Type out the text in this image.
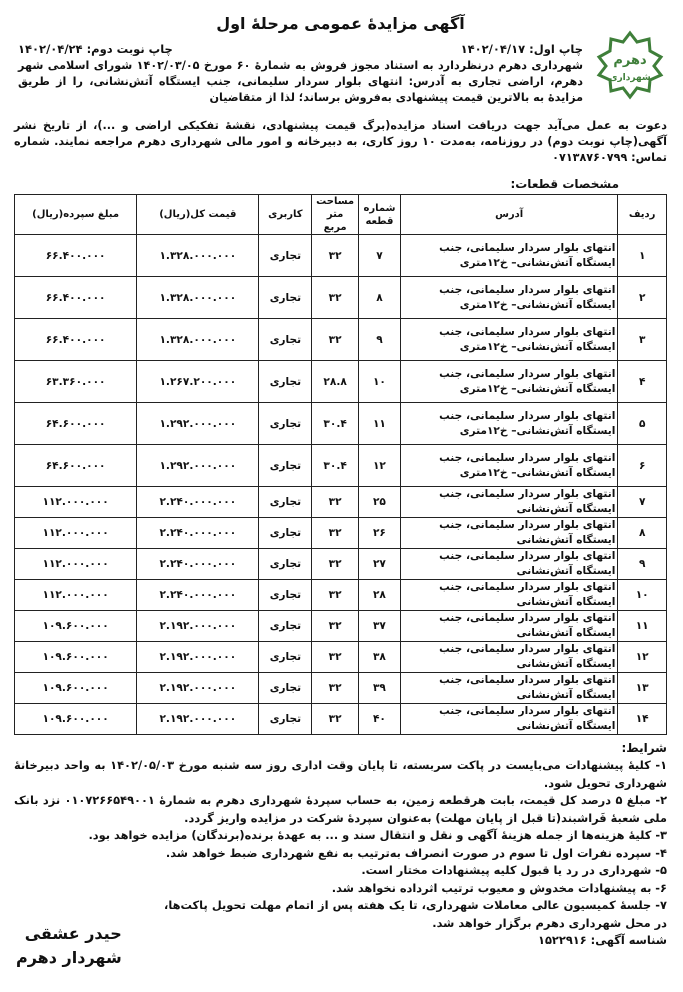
دهرم
شهرداری
آگهی مزایدۀ عمومی مرحلۀ اول
چاپ اول: ۱۴۰۲/۰۴/۱۷
چاپ نوبت دوم: ۱۴۰۲/۰۴/۲۴
شهرداری دهرم درنظردارد به استناد مجوز فروش به شمارۀ ۶۰ مورخ ۱۴۰۲/۰۳/۰۵ شورای اسلامی شهر دهرم، اراضی تجاری به آدرس: انتهای بلوار سردار سلیمانی، جنب ایستگاه آتش‌نشانی، را از طریق مزایدۀ به بالاترین قیمت پیشنهادی به‌فروش برساند؛ لذا از متقاضیان

دعوت به عمل می‌آید جهت دریافت اسناد مزایده(برگ قیمت پیشنهادی، نقشۀ تفکیکی اراضی و ...)، از تاریخ نشر آگهی(چاپ نوبت دوم) در روزنامه، به‌مدت ۱۰ روز کاری، به دبیرخانه و امور مالی شهرداری دهرم مراجعه نمایند. شماره تماس: ۰۷۱۳۸۷۶۰۷۹۹

مشخصات قطعات:
ردیف	آدرس	شماره قطعه	مساحت متر مربع	کاربری	قیمت کل(ریال)	مبلغ سپرده(ریال)
۱	انتهای بلوار سردار سلیمانی، جنب ایستگاه آتش‌نشانی– خ۱۲متری	۷	۳۲	تجاری	۱.۳۲۸.۰۰۰.۰۰۰	۶۶.۴۰۰.۰۰۰
۲	انتهای بلوار سردار سلیمانی، جنب ایستگاه آتش‌نشانی– خ۱۲متری	۸	۳۲	تجاری	۱.۳۲۸.۰۰۰.۰۰۰	۶۶.۴۰۰.۰۰۰
۳	انتهای بلوار سردار سلیمانی، جنب ایستگاه آتش‌نشانی– خ۱۲متری	۹	۳۲	تجاری	۱.۳۲۸.۰۰۰.۰۰۰	۶۶.۴۰۰.۰۰۰
۴	انتهای بلوار سردار سلیمانی، جنب ایستگاه آتش‌نشانی– خ۱۲متری	۱۰	۲۸.۸	تجاری	۱.۲۶۷.۲۰۰.۰۰۰	۶۳.۳۶۰.۰۰۰
۵	انتهای بلوار سردار سلیمانی، جنب ایستگاه آتش‌نشانی– خ۱۲متری	۱۱	۳۰.۴	تجاری	۱.۲۹۲.۰۰۰.۰۰۰	۶۴.۶۰۰.۰۰۰
۶	انتهای بلوار سردار سلیمانی، جنب ایستگاه آتش‌نشانی– خ۱۲متری	۱۲	۳۰.۴	تجاری	۱.۲۹۲.۰۰۰.۰۰۰	۶۴.۶۰۰.۰۰۰
۷	انتهای بلوار سردار سلیمانی، جنب ایستگاه آتش‌نشانی	۲۵	۳۲	تجاری	۲.۲۴۰.۰۰۰.۰۰۰	۱۱۲.۰۰۰.۰۰۰
۸	انتهای بلوار سردار سلیمانی، جنب ایستگاه آتش‌نشانی	۲۶	۳۲	تجاری	۲.۲۴۰.۰۰۰.۰۰۰	۱۱۲.۰۰۰.۰۰۰
۹	انتهای بلوار سردار سلیمانی، جنب ایستگاه آتش‌نشانی	۲۷	۳۲	تجاری	۲.۲۴۰.۰۰۰.۰۰۰	۱۱۲.۰۰۰.۰۰۰
۱۰	انتهای بلوار سردار سلیمانی، جنب ایستگاه آتش‌نشانی	۲۸	۳۲	تجاری	۲.۲۴۰.۰۰۰.۰۰۰	۱۱۲.۰۰۰.۰۰۰
۱۱	انتهای بلوار سردار سلیمانی، جنب ایستگاه آتش‌نشانی	۳۷	۳۲	تجاری	۲.۱۹۲.۰۰۰.۰۰۰	۱۰۹.۶۰۰.۰۰۰
۱۲	انتهای بلوار سردار سلیمانی، جنب ایستگاه آتش‌نشانی	۳۸	۳۲	تجاری	۲.۱۹۲.۰۰۰.۰۰۰	۱۰۹.۶۰۰.۰۰۰
۱۳	انتهای بلوار سردار سلیمانی، جنب ایستگاه آتش‌نشانی	۳۹	۳۲	تجاری	۲.۱۹۲.۰۰۰.۰۰۰	۱۰۹.۶۰۰.۰۰۰
۱۴	انتهای بلوار سردار سلیمانی، جنب ایستگاه آتش‌نشانی	۴۰	۳۲	تجاری	۲.۱۹۲.۰۰۰.۰۰۰	۱۰۹.۶۰۰.۰۰۰
شرایط:

۱- کلیۀ پیشنهادات می‌بایست در پاکت سربسته، تا پایان وقت اداری روز سه شنبه مورخ ۱۴۰۲/۰۵/۰۳ به واحد دبیرخانۀ شهرداری تحویل شود.

۲- مبلغ ۵ درصد کل قیمت، بابت هرقطعه زمین، به حساب سپردۀ شهرداری دهرم به شمارۀ ۰۱۰۷۲۶۶۵۴۹۰۰۱ نزد بانک ملی شعبۀ فَراشبند(تا قبل از پایان مهلت) به‌عنوان سپردۀ شرکت در مزایده واریز گردد.

۳- کلیۀ هزینه‌ها از جمله هزینۀ آگهی و نقل و انتقال سند و ... به عهدۀ برنده(برندگان) مزایده خواهد بود.

۴- سپرده نفرات اول تا سوم در صورت انصراف به‌ترتیب به نفع شهرداری ضبط خواهد شد.

۵- شهرداری در رد یا قبول کلیه پیشنهادات مختار است.

۶- به پیشنهادات مخدوش و معیوب ترتیب اثرداده نخواهد شد.

۷- جلسۀ کمیسیون عالی معاملات شهرداری، تا یک هفته پس از اتمام مهلت تحویل پاکت‌ها، در محل شهرداری دهرم برگزار خواهد شد.

شناسه آگهی: ۱۵۲۲۹۱۶
حیدر عشقی
شهردار دهرم
